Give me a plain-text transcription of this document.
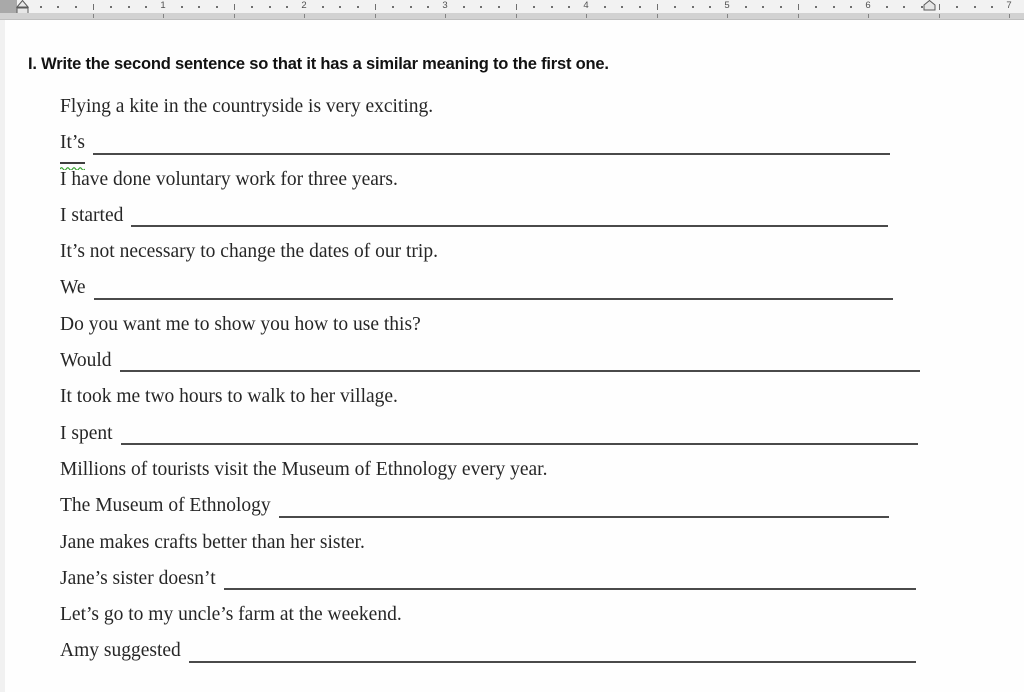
1	2	3	4	5	6	7
I. Write the second sentence so that it has a similar meaning to the first one.
Flying a kite in the countryside is very exciting.
It’s
I have done voluntary work for three years.
I started
It’s not necessary to change the dates of our trip.
We
Do you want me to show you how to use this?
Would
It took me two hours to walk to her village.
I spent
Millions of tourists visit the Museum of Ethnology every year.
The Museum of Ethnology
Jane makes crafts better than her sister.
Jane’s sister doesn’t
Let’s go to my uncle’s farm at the weekend.
Amy suggested
